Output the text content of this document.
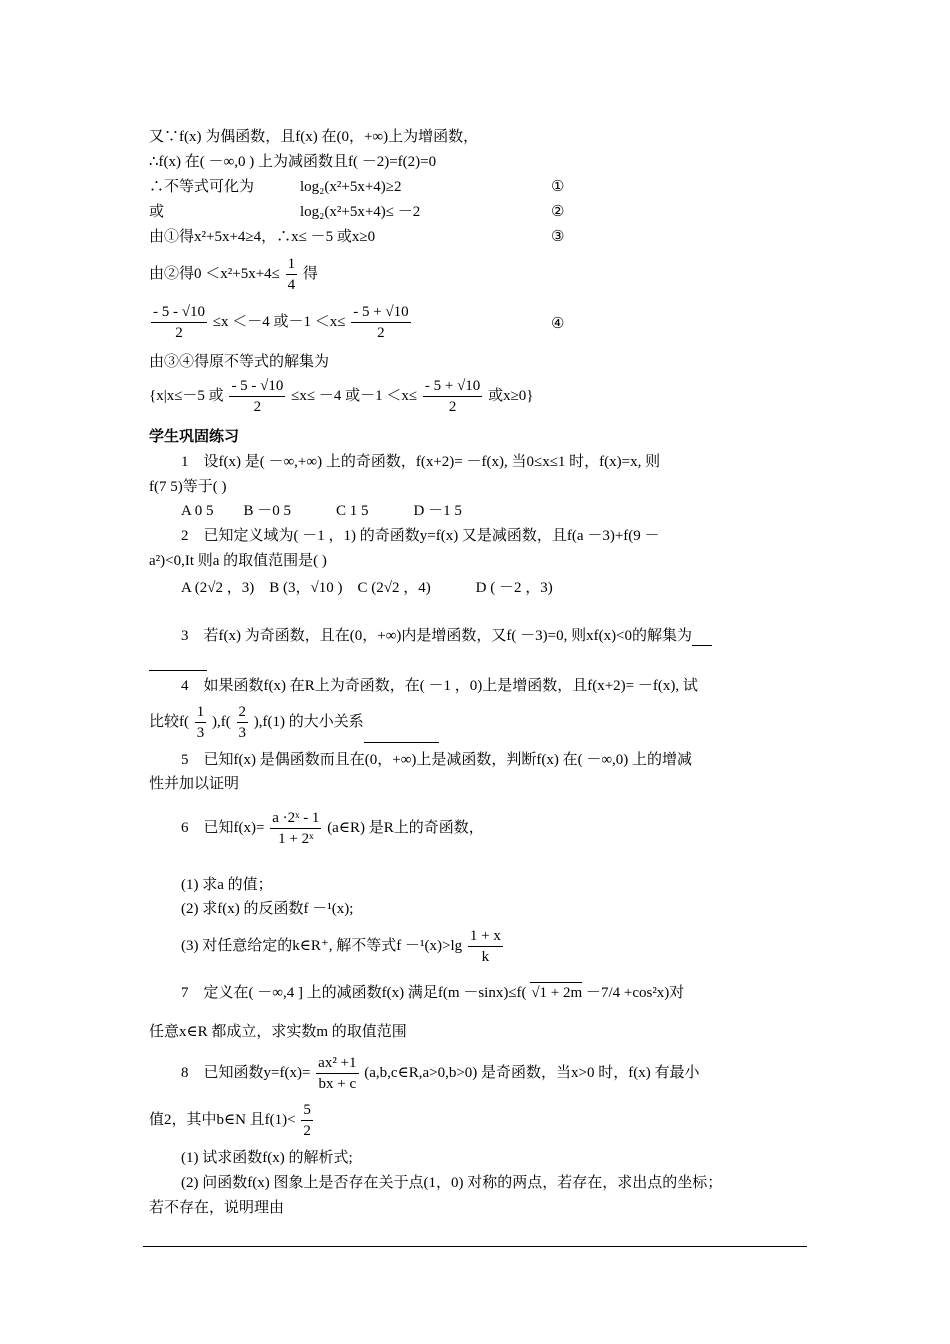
又∵f(x) 为偶函数，且f(x) 在(0，+∞)上为增函数，
∴f(x) 在( －∞,0 ) 上为减函数且f( －2)=f(2)=0
∴不等式可化为	log₂(x²+5x+4)≥2	①
或	log₂(x²+5x+4)≤ －2	②
由①得x²+5x+4≥4，∴x≤ －5 或x≥0	③
由②得$0 <x^2+5x+4\le \frac{1}{4}$ 得
$\frac{- 5 - √10}{2} \le x <-4$ 或$-1 <x\le \frac{- 5 + √10}{2}$	④
由③④得原不等式的解集为
{x|x≤－5 或 $\frac{- 5 - √10}{2} \le x\le -4$ 或$-1 <x\le \frac{- 5 + √10}{2}$ 或x≥0}
学生巩固练习
1　设f(x) 是( －∞,+∞) 上的奇函数，f(x+2)= －f(x), 当0≤x≤1 时，f(x)=x, 则
f(7 5)等于( )
A 0 5　　B －0 5　　　C 1 5　　　D －1 5
2　已知定义域为( －1 ，1) 的奇函数y=f(x) 又是减函数，且f(a －3)+f(9 －
a²)<0,It 则a 的取值范围是( )
A (2√2 ，3)　B (3，√10 )　C (2√2 ，4)　　　D ( －2 ，3)
3　若f(x) 为奇函数，且在(0，+∞)内是增函数，又f( －3)=0, 则xf(x)<0的解集为
4　如果函数f(x) 在R上为奇函数，在( －1 ，0)上是增函数，且f(x+2)= －f(x), 试
比较$f( \frac{1}{3} ),f( \frac{2}{3} ),f(1)$ 的大小关系
5　已知f(x) 是偶函数而且在(0，+∞)上是减函数，判断f(x) 在( －∞,0) 上的增减
性并加以证明
6　已知$f(x)= \frac{\text{a ·2ˣ - 1}}{\text{1 + 2ˣ}}$ (a∈R) 是R上的奇函数，
(1) 求a 的值；
(2) 求f(x) 的反函数f －¹(x);
(3) 对任意给定的k∈R⁺, 解不等式$f -^1(x)>\lg \frac{1 + x}{k}$
7　定义在( －∞,4 ] 上的减函数f(x) 满足f(m －sinx)≤f( √1 + 2m －7/4 +cos²x)对
任意x∈R 都成立，求实数m 的取值范围
8　已知函数$y=f(x)= \frac{\text{ax² +1}}{bx + c}$ (a,b,c∈R,a>0,b>0) 是奇函数，当x>0 时，f(x) 有最小
值2，其中b∈N 且$f(1)< \frac{5}{2}$
(1) 试求函数f(x) 的解析式;
(2) 问函数f(x) 图象上是否存在关于点(1，0) 对称的两点，若存在，求出点的坐标；
若不存在，说明理由
